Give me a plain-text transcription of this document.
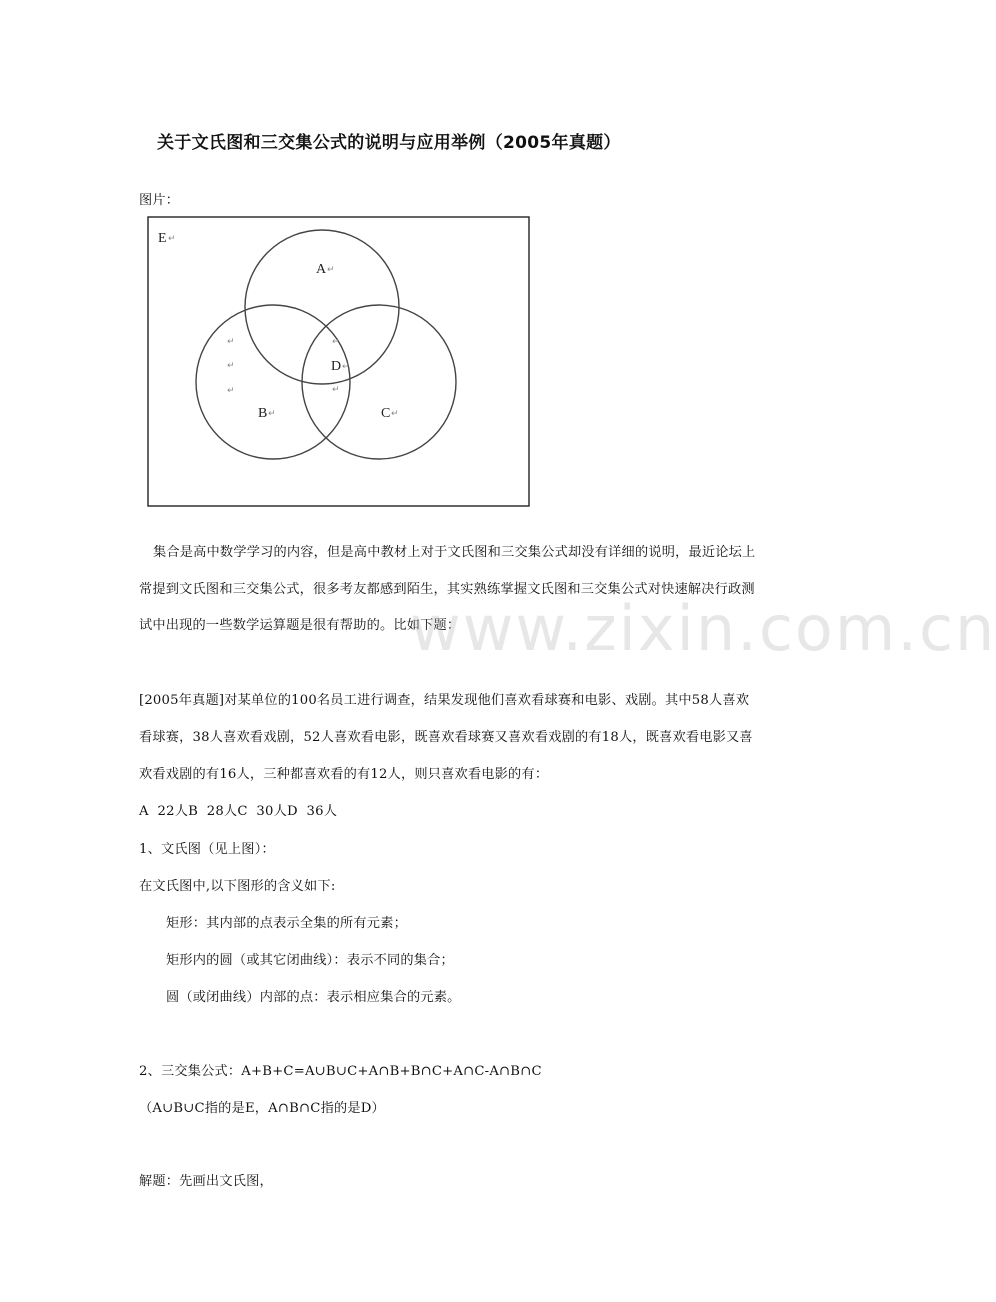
关于文氏图和三交集公式的说明与应用举例（2005年真题）
图片：
E ↵
A ↵
↵
↵
↵
↵
D ↵
↵
B ↵	C ↵
集合是高中数学学习的内容，但是高中教材上对于文氏图和三交集公式却没有详细的说明，最近论坛上
常提到文氏图和三交集公式，很多考友都感到陌生，其实熟练掌握文氏图和三交集公式对快速解决行政测
试中出现的一些数学运算题是很有帮助的。比如下题：
www.zixin.com.cn
[2005年真题]对某单位的100名员工进行调查，结果发现他们喜欢看球赛和电影、戏剧。其中58人喜欢
看球赛，38人喜欢看戏剧，52人喜欢看电影，既喜欢看球赛又喜欢看戏剧的有18人，既喜欢看电影又喜
欢看戏剧的有16人，三种都喜欢看的有12人，则只喜欢看电影的有：
A  22人B  28人C  30人D  36人
1、文氏图（见上图）：
在文氏图中,以下图形的含义如下:
矩形：其内部的点表示全集的所有元素；
矩形内的圆（或其它闭曲线）：表示不同的集合；
圆（或闭曲线）内部的点：表示相应集合的元素。
2、三交集公式：A+B+C=A∪B∪C+A∩B+B∩C+A∩C-A∩B∩C
（A∪B∪C指的是E，A∩B∩C指的是D）
解题：先画出文氏图，
